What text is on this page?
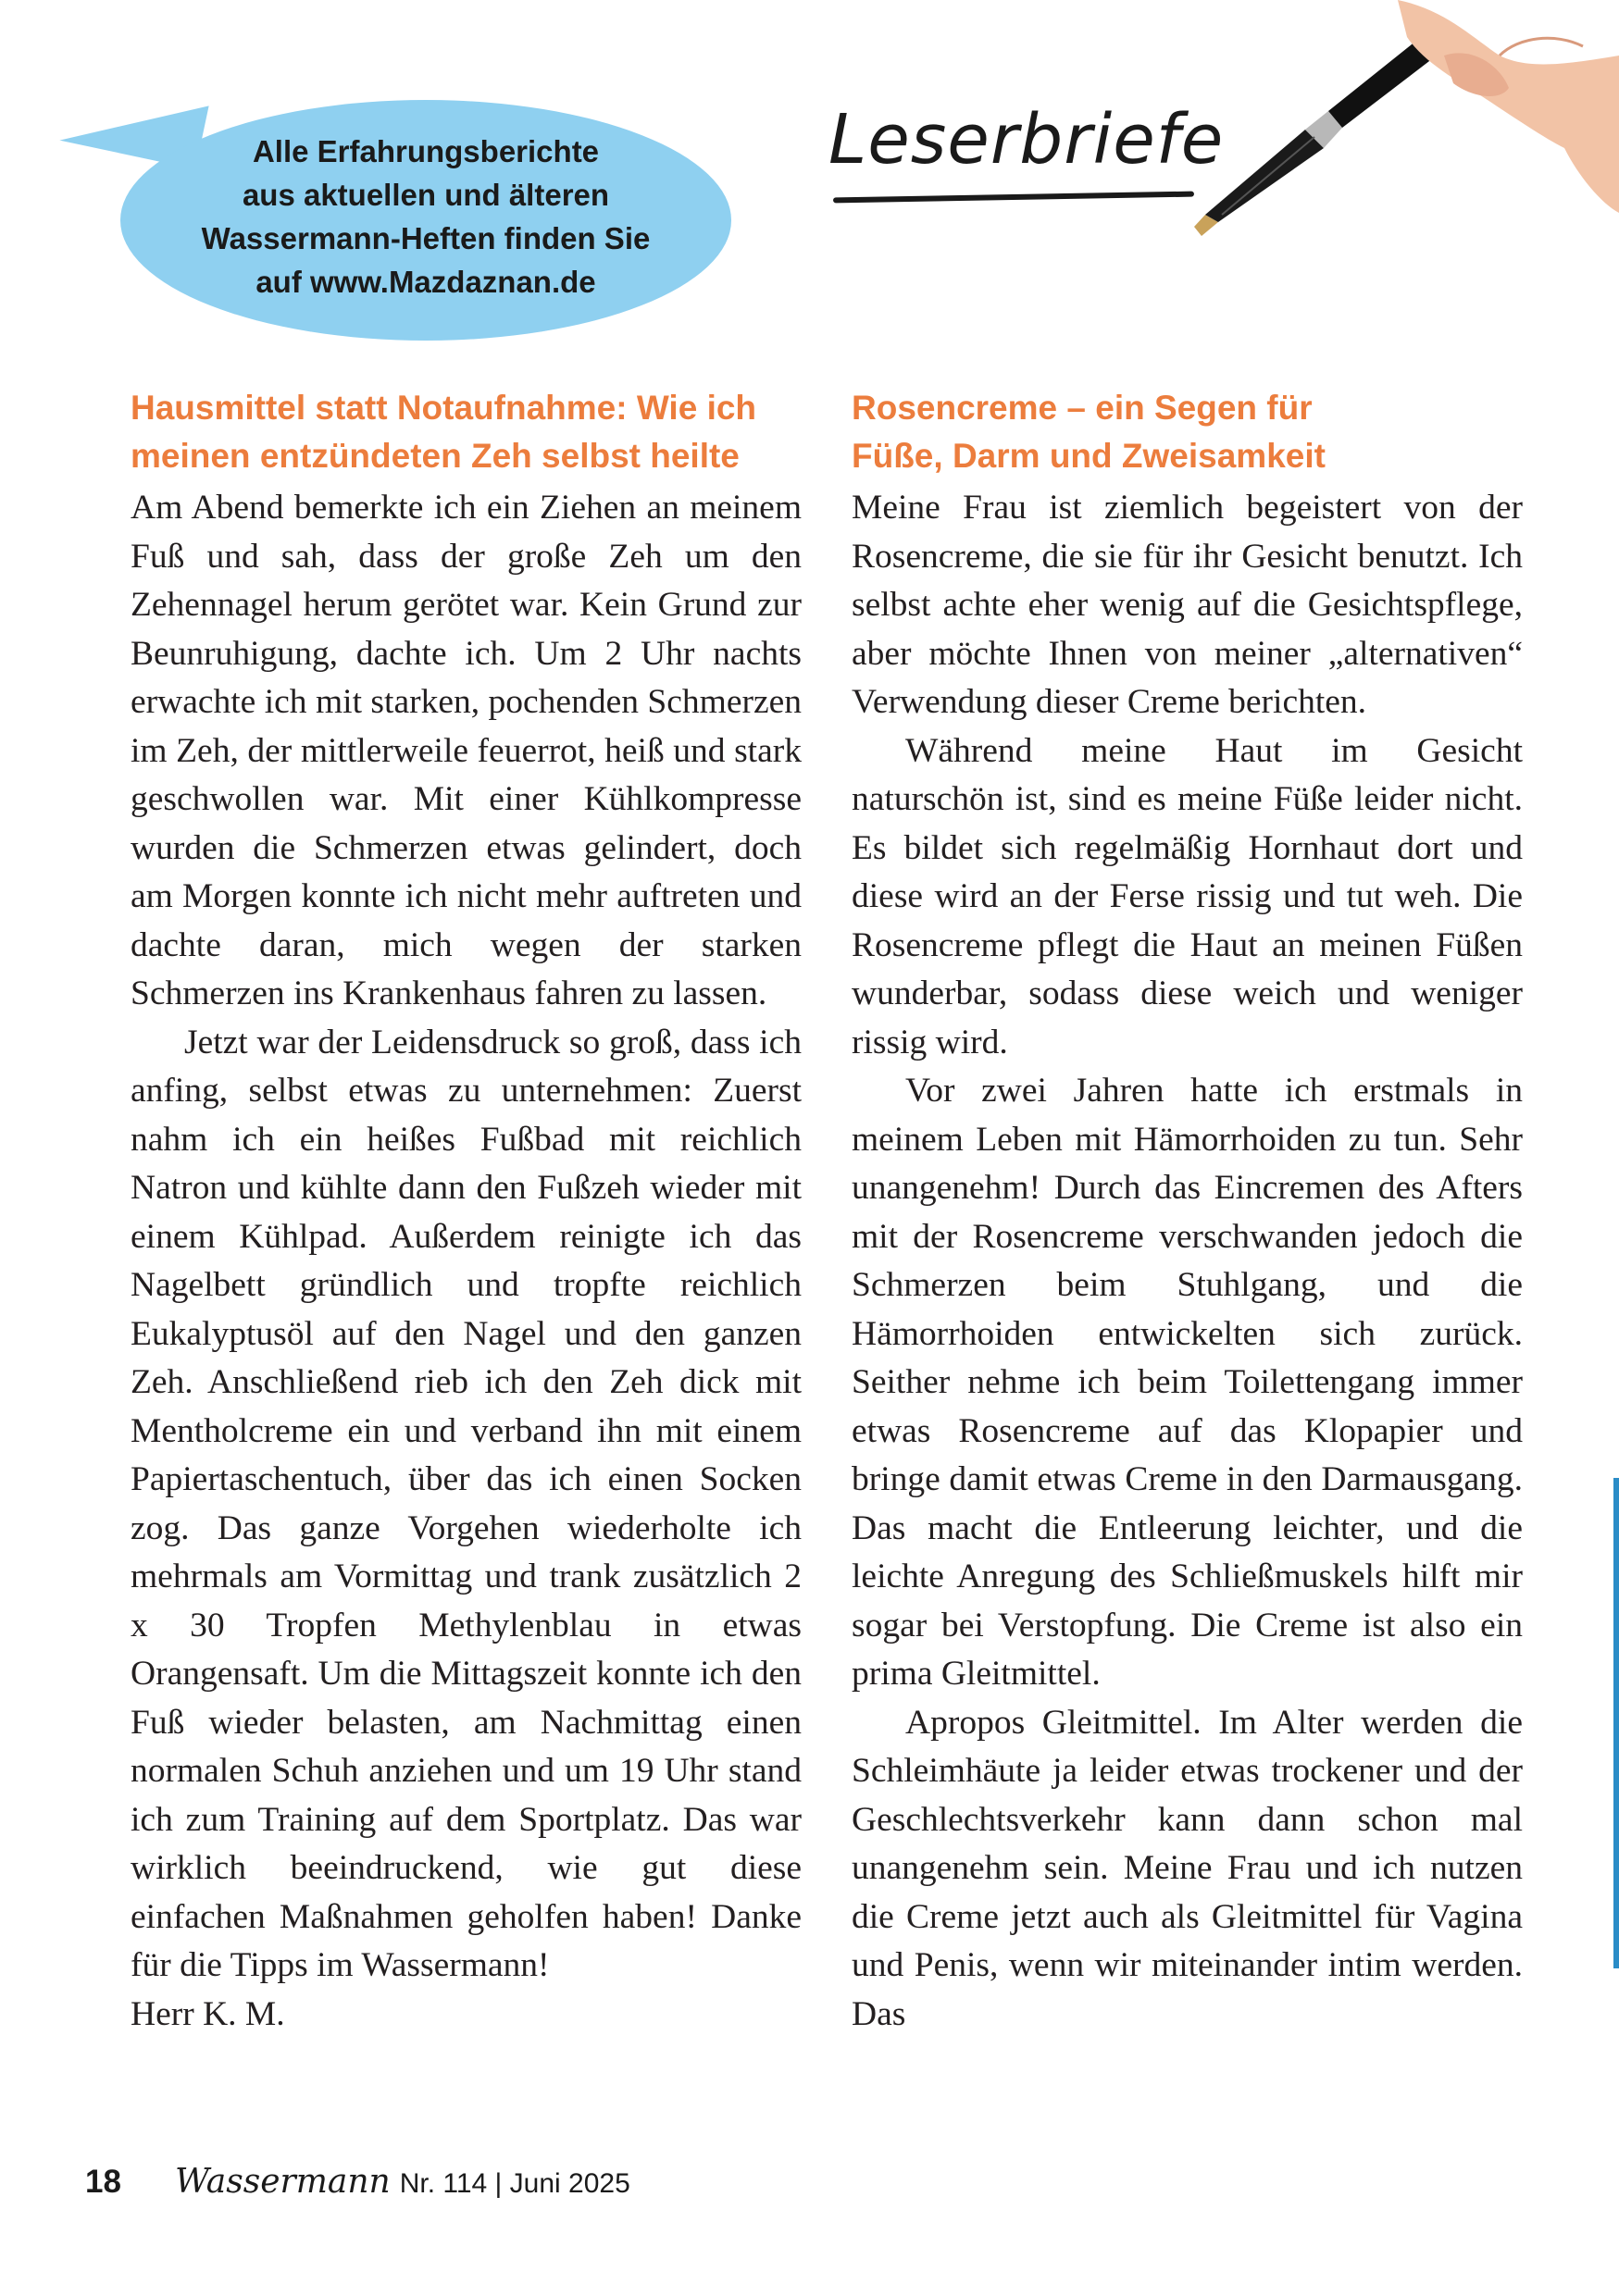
Alle Erfahrungsberichte
aus aktuellen und älteren
Wassermann-Heften finden Sie
auf www.Mazdaznan.de
Leserbriefe
Hausmittel statt Notaufnahme: Wie ich
meinen entzündeten Zeh selbst heilte

Am Abend bemerkte ich ein Ziehen an meinem Fuß und sah, dass der große Zeh um den Zehennagel herum gerötet war. Kein Grund zur Beunruhigung, dachte ich. Um 2 Uhr nachts erwachte ich mit starken, pochenden Schmerzen im Zeh, der mittlerweile feuerrot, heiß und stark geschwollen war. Mit einer Kühlkompresse wurden die Schmerzen etwas gelindert, doch am Morgen konnte ich nicht mehr auftreten und dachte daran, mich wegen der starken Schmerzen ins Krankenhaus fahren zu lassen.

Jetzt war der Leidensdruck so groß, dass ich anfing, selbst etwas zu unternehmen: Zuerst nahm ich ein heißes Fußbad mit reichlich Natron und kühlte dann den Fußzeh wieder mit einem Kühlpad. Außerdem reinigte ich das Nagelbett gründlich und tropfte reichlich Eukalyptusöl auf den Nagel und den ganzen Zeh. Anschließend rieb ich den Zeh dick mit Mentholcreme ein und verband ihn mit einem Papiertaschentuch, über das ich einen Socken zog. Das ganze Vorgehen wiederholte ich mehrmals am Vormittag und trank zusätzlich 2 x 30 Tropfen Methylenblau in etwas Orangensaft. Um die Mittagszeit konnte ich den Fuß wieder belasten, am Nachmittag einen normalen Schuh anziehen und um 19 Uhr stand ich zum Training auf dem Sportplatz. Das war wirklich beeindruckend, wie gut diese einfachen Maßnahmen geholfen haben! Danke für die Tipps im Wassermann!

Herr K. M.

Rosencreme – ein Segen für
Füße, Darm und Zweisamkeit

Meine Frau ist ziemlich begeistert von der Rosencreme, die sie für ihr Gesicht benutzt. Ich selbst achte eher wenig auf die Gesichtspflege, aber möchte Ihnen von meiner „alternativen“ Verwendung dieser Creme berichten.

Während meine Haut im Gesicht naturschön ist, sind es meine Füße leider nicht. Es bildet sich regelmäßig Hornhaut dort und diese wird an der Ferse rissig und tut weh. Die Rosencreme pflegt die Haut an meinen Füßen wunderbar, sodass diese weich und weniger rissig wird.

Vor zwei Jahren hatte ich erstmals in meinem Leben mit Hämorrhoiden zu tun. Sehr unangenehm! Durch das Eincremen des Afters mit der Rosencreme verschwanden jedoch die Schmerzen beim Stuhlgang, und die Hämorrhoiden entwickelten sich zurück. Seither nehme ich beim Toilettengang immer etwas Rosencreme auf das Klopapier und bringe damit etwas Creme in den Darmausgang. Das macht die Entleerung leichter, und die leichte Anregung des Schließmuskels hilft mir sogar bei Verstopfung. Die Creme ist also ein prima Gleitmittel.

Apropos Gleitmittel. Im Alter werden die Schleimhäute ja leider etwas trockener und der Geschlechtsverkehr kann dann schon mal unangenehm sein. Meine Frau und ich nutzen die Creme jetzt auch als Gleitmittel für Vagina und Penis, wenn wir miteinander intim werden. Das

18 Wassermann Nr. 114 | Juni 2025
